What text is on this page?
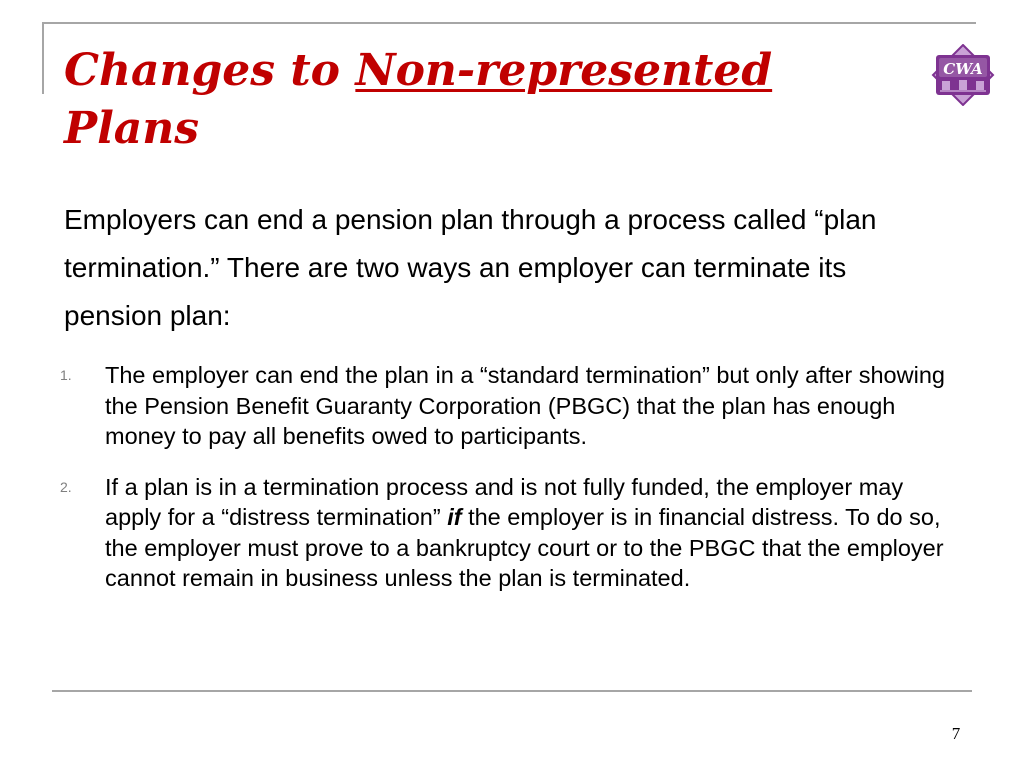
Changes to Non-represented
Plans
CWA

Employers can end a pension plan through a process called “plan termination.” There are two ways an employer can terminate its pension plan:

1. The employer can end the plan in a “standard termination” but only after showing the Pension Benefit Guaranty Corporation (PBGC) that the plan has enough money to pay all benefits owed to participants.
2. If a plan is in a termination process and is not fully funded, the employer may apply for a “distress termination” if the employer is in financial distress. To do so, the employer must prove to a bankruptcy court or to the PBGC that the employer cannot remain in business unless the plan is terminated.
7
